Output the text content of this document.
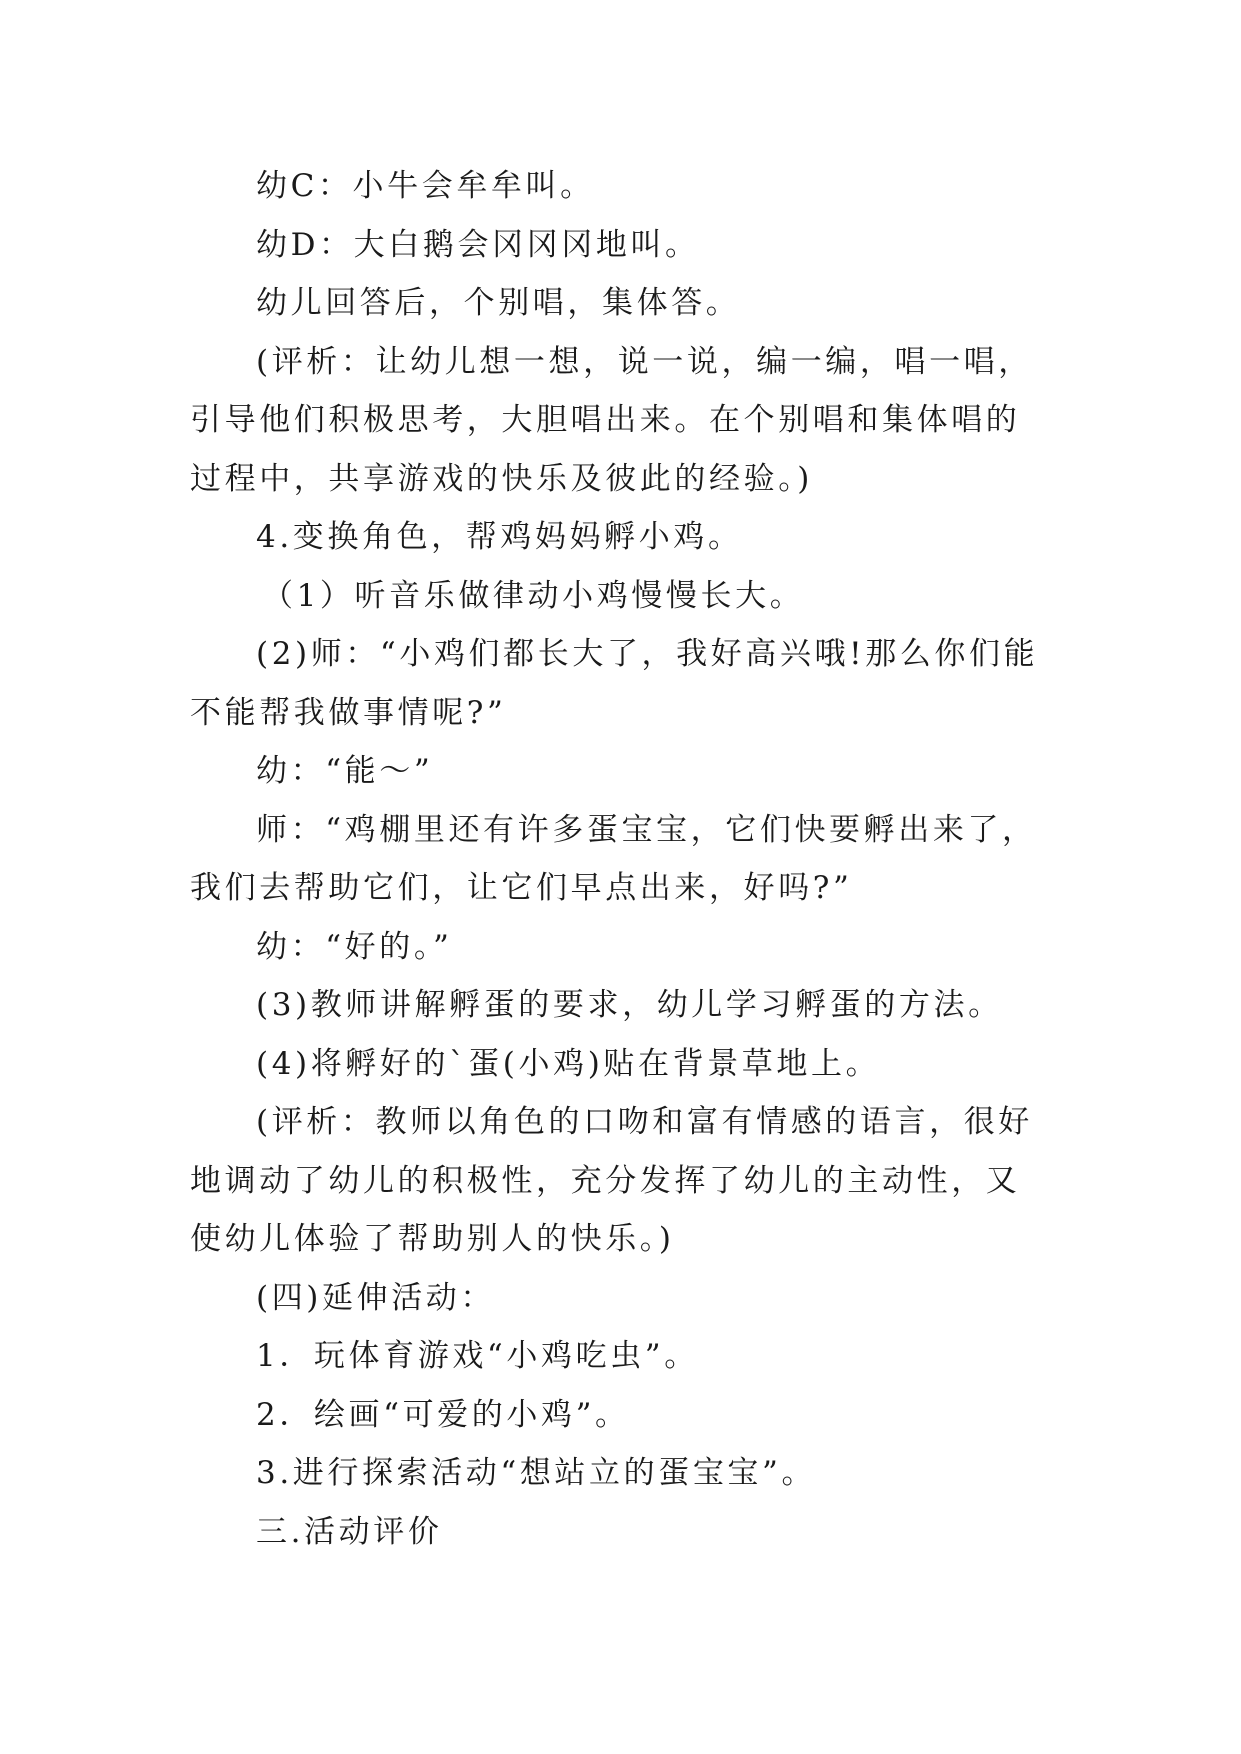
幼C：小牛会牟牟叫。

幼D：大白鹅会冈冈冈地叫。

幼儿回答后，个别唱，集体答。

(评析：让幼儿想一想，说一说，编一编，唱一唱，引导他们积极思考，大胆唱出来。在个别唱和集体唱的过程中，共享游戏的快乐及彼此的经验。)

4.变换角色，帮鸡妈妈孵小鸡。

（1）听音乐做律动小鸡慢慢长大。

(2)师：“小鸡们都长大了，我好高兴哦!那么你们能不能帮我做事情呢?”

幼：“能～”

师：“鸡棚里还有许多蛋宝宝，它们快要孵出来了，我们去帮助它们，让它们早点出来，好吗?”

幼：“好的。”

(3)教师讲解孵蛋的要求，幼儿学习孵蛋的方法。

(4)将孵好的`蛋(小鸡)贴在背景草地上。

(评析：教师以角色的口吻和富有情感的语言，很好地调动了幼儿的积极性，充分发挥了幼儿的主动性，又使幼儿体验了帮助别人的快乐。)

(四)延伸活动：

1．玩体育游戏“小鸡吃虫”。

2．绘画“可爱的小鸡”。

3.进行探索活动“想站立的蛋宝宝”。

三.活动评价
